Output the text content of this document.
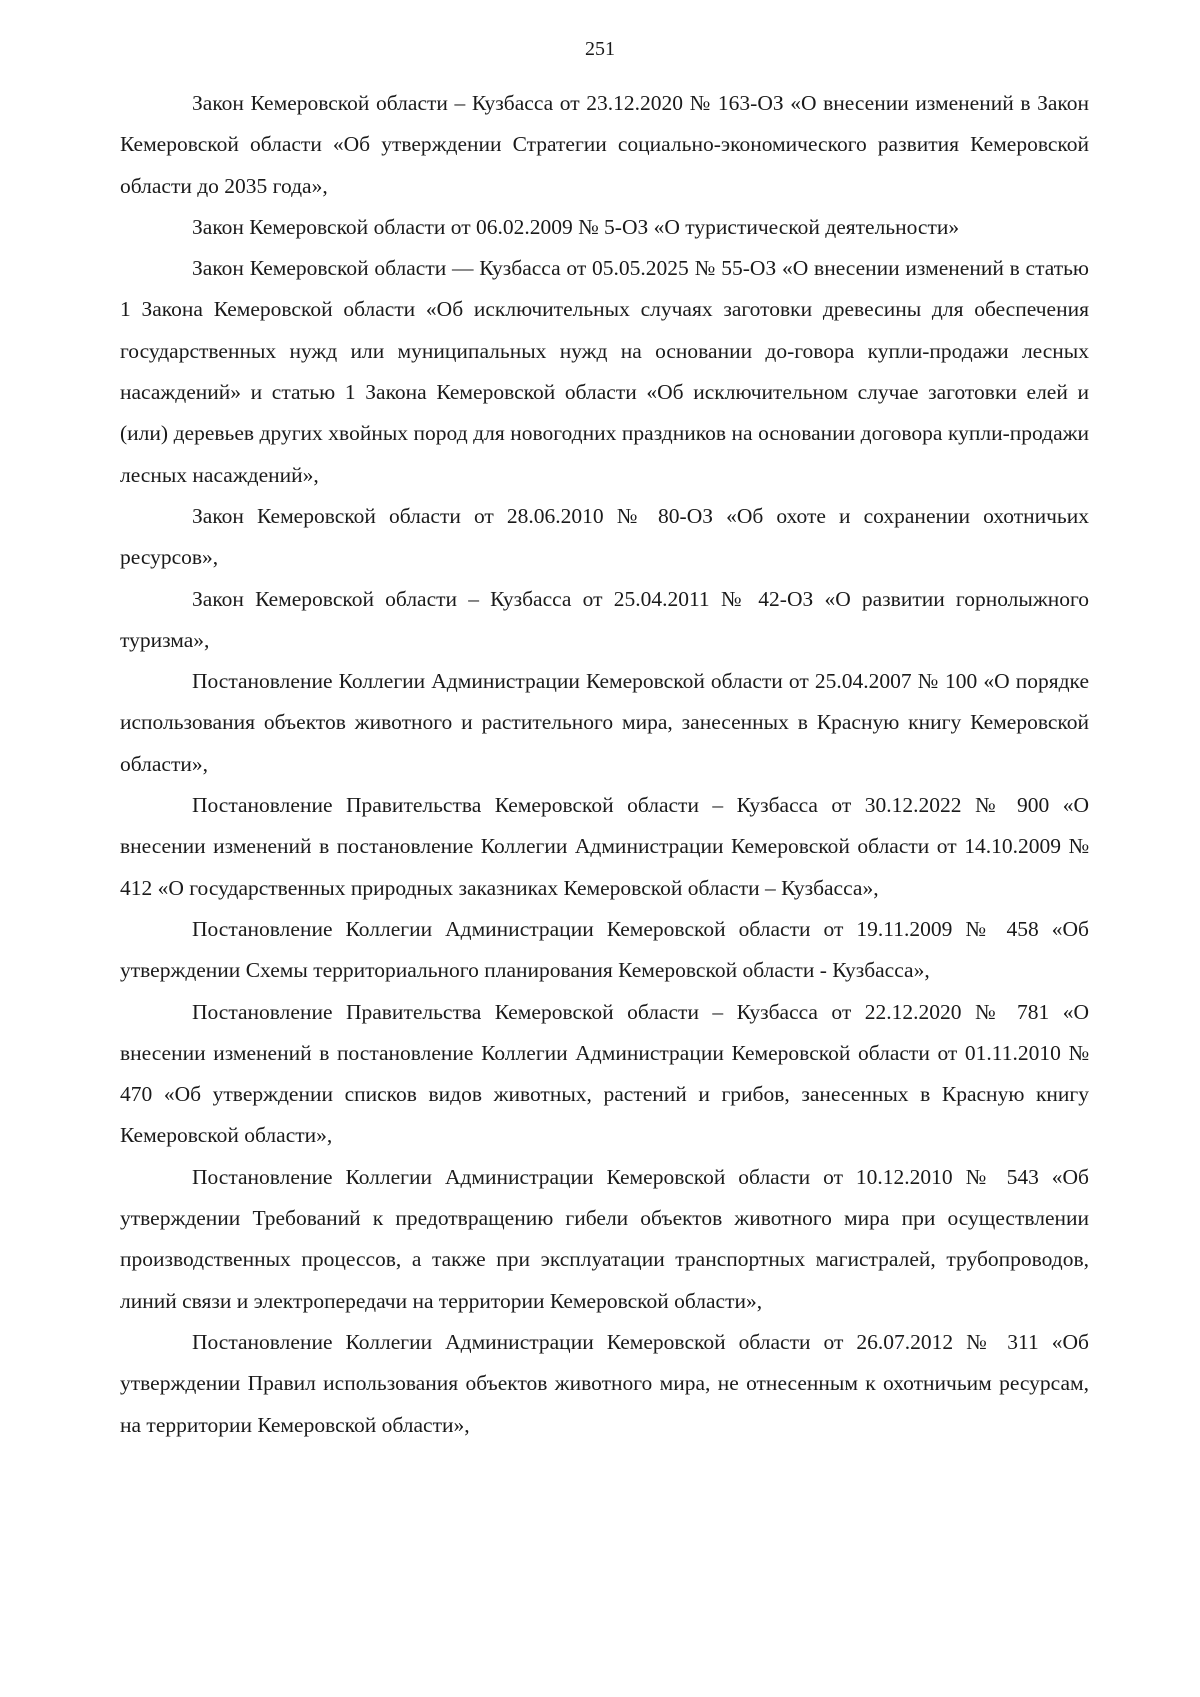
251

Закон Кемеровской области – Кузбасса от 23.12.2020 № 163-ОЗ «О внесении изменений в Закон Кемеровской области «Об утверждении Стратегии социально-экономического развития Кемеровской области до 2035 года»,

Закон Кемеровской области от 06.02.2009 № 5-ОЗ «О туристической деятельности»

Закон Кемеровской области — Кузбасса от 05.05.2025 № 55-ОЗ «О внесении изменений в статью 1 Закона Кемеровской области «Об исключительных случаях заготовки древесины для обеспечения государственных нужд или муниципальных нужд на основании до-говора купли-продажи лесных насаждений» и статью 1 Закона Кемеровской области «Об исключительном случае заготовки елей и (или) деревьев других хвойных пород для новогодних праздников на основании договора купли-продажи лесных насаждений»,

Закон Кемеровской области от 28.06.2010 № 80-ОЗ «Об охоте и сохранении охотничьих ресурсов»,

Закон Кемеровской области – Кузбасса от 25.04.2011 № 42-ОЗ «О развитии горнолыжного туризма»,

Постановление Коллегии Администрации Кемеровской области от 25.04.2007 № 100 «О порядке использования объектов животного и растительного мира, занесенных в Красную книгу Кемеровской области»,

Постановление Правительства Кемеровской области – Кузбасса от 30.12.2022 № 900 «О внесении изменений в постановление Коллегии Администрации Кемеровской области от 14.10.2009 № 412 «О государственных природных заказниках Кемеровской области – Кузбасса»,

Постановление Коллегии Администрации Кемеровской области от 19.11.2009 № 458 «Об утверждении Схемы территориального планирования Кемеровской области - Кузбасса»,

Постановление Правительства Кемеровской области – Кузбасса от 22.12.2020 № 781 «О внесении изменений в постановление Коллегии Администрации Кемеровской области от 01.11.2010 № 470 «Об утверждении списков видов животных, растений и грибов, занесенных в Красную книгу Кемеровской области»,

Постановление Коллегии Администрации Кемеровской области от 10.12.2010 № 543 «Об утверждении Требований к предотвращению гибели объектов животного мира при осуществлении производственных процессов, а также при эксплуатации транспортных магистралей, трубопроводов, линий связи и электропередачи на территории Кемеровской области»,

Постановление Коллегии Администрации Кемеровской области от 26.07.2012 № 311 «Об утверждении Правил использования объектов животного мира, не отнесенным к охотничьим ресурсам, на территории Кемеровской области»,
